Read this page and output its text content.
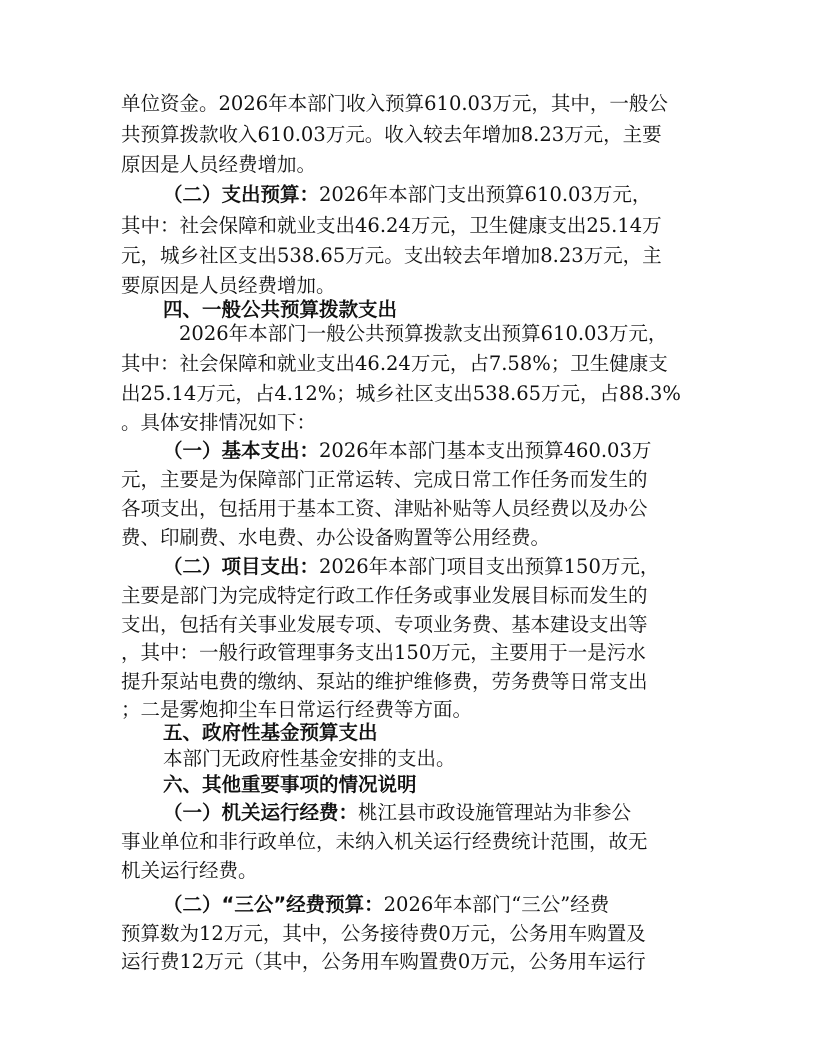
单位资金。2026年本部门收入预算610.03万元，其中，一般公
共预算拨款收入610.03万元。收入较去年增加8.23万元，主要
原因是人员经费增加。
（二）支出预算：2026年本部门支出预算610.03万元，
其中：社会保障和就业支出46.24万元，卫生健康支出25.14万
元，城乡社区支出538.65万元。支出较去年增加8.23万元，主
要原因是人员经费增加。
四、一般公共预算拨款支出
2026年本部门一般公共预算拨款支出预算610.03万元，
其中：社会保障和就业支出46.24万元，占7.58%；卫生健康支
出25.14万元，占4.12%；城乡社区支出538.65万元，占88.3%
。具体安排情况如下：
（一）基本支出：2026年本部门基本支出预算460.03万
元，主要是为保障部门正常运转、完成日常工作任务而发生的
各项支出，包括用于基本工资、津贴补贴等人员经费以及办公
费、印刷费、水电费、办公设备购置等公用经费。
（二）项目支出：2026年本部门项目支出预算150万元，
主要是部门为完成特定行政工作任务或事业发展目标而发生的
支出，包括有关事业发展专项、专项业务费、基本建设支出等
，其中：一般行政管理事务支出150万元，主要用于一是污水
提升泵站电费的缴纳、泵站的维护维修费，劳务费等日常支出
；二是雾炮抑尘车日常运行经费等方面。
五、政府性基金预算支出
本部门无政府性基金安排的支出。
六、其他重要事项的情况说明
（一）机关运行经费：桃江县市政设施管理站为非参公
事业单位和非行政单位，未纳入机关运行经费统计范围，故无
机关运行经费。
（二）“三公”经费预算：2026年本部门“三公”经费
预算数为12万元，其中，公务接待费0万元，公务用车购置及
运行费12万元（其中，公务用车购置费0万元，公务用车运行
